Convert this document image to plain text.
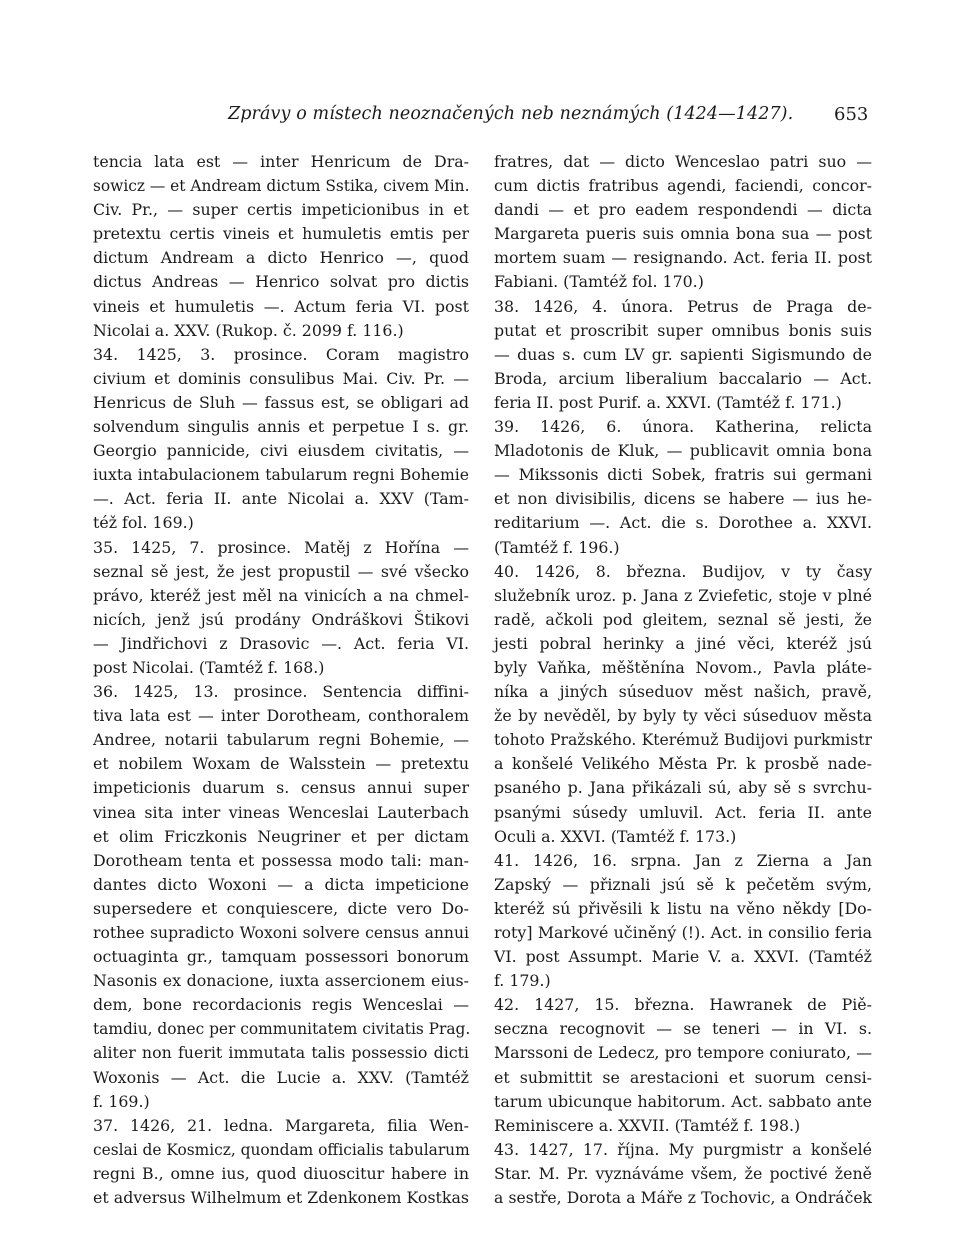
Zprávy o místech neoznačených neb neznámých (1424—1427). 653
tencia lata est — inter Henricum de Dra-
sowicz — et Andream dictum Sstika, civem Min.
Civ. Pr., — super certis impeticionibus in et
pretextu certis vineis et humuletis emtis per
dictum Andream a dicto Henrico —, quod
dictus Andreas — Henrico solvat pro dictis
vineis et humuletis —. Actum feria VI. post
Nicolai a. XXV. (Rukop. č. 2099 f. 116.)
34. 1425, 3. prosince. Coram magistro
civium et dominis consulibus Mai. Civ. Pr. —
Henricus de Sluh — fassus est, se obligari ad
solvendum singulis annis et perpetue I s. gr.
Georgio pannicide, civi eiusdem civitatis, —
iuxta intabulacionem tabularum regni Bohemie
—. Act. feria II. ante Nicolai a. XXV (Tam-
též fol. 169.)
35. 1425, 7. prosince. Matěj z Hořína —
seznal sě jest, že jest propustil — své všecko
právo, kteréž jest měl na vinicích a na chmel-
nicích, jenž jsú prodány Ondráškovi Štikovi
— Jindřichovi z Drasovic —. Act. feria VI.
post Nicolai. (Tamtéž f. 168.)
36. 1425, 13. prosince. Sentencia diffini-
tiva lata est — inter Dorotheam, conthoralem
Andree, notarii tabularum regni Bohemie, —
et nobilem Woxam de Walsstein — pretextu
impeticionis duarum s. census annui super
vinea sita inter vineas Wenceslai Lauterbach
et olim Friczkonis Neugriner et per dictam
Dorotheam tenta et possessa modo tali: man-
dantes dicto Woxoni — a dicta impeticione
supersedere et conquiescere, dicte vero Do-
rothee supradicto Woxoni solvere census annui
octuaginta gr., tamquam possessori bonorum
Nasonis ex donacione, iuxta assercionem eius-
dem, bone recordacionis regis Wenceslai —
tamdiu, donec per communitatem civitatis Prag.
aliter non fuerit immutata talis possessio dicti
Woxonis — Act. die Lucie a. XXV. (Tamtéž
f. 169.)
37. 1426, 21. ledna. Margareta, filia Wen-
ceslai de Kosmicz, quondam officialis tabularum
regni B., omne ius, quod diuoscitur habere in
et adversus Wilhelmum et Zdenkonem Kostkas
fratres, dat — dicto Wenceslao patri suo —
cum dictis fratribus agendi, faciendi, concor-
dandi — et pro eadem respondendi — dicta
Margareta pueris suis omnia bona sua — post
mortem suam — resignando. Act. feria II. post
Fabiani. (Tamtéž fol. 170.)
38. 1426, 4. února. Petrus de Praga de-
putat et proscribit super omnibus bonis suis
— duas s. cum LV gr. sapienti Sigismundo de
Broda, arcium liberalium baccalario — Act.
feria II. post Purif. a. XXVI. (Tamtéž f. 171.)
39. 1426, 6. února. Katherina, relicta
Mladotonis de Kluk, — publicavit omnia bona
— Mikssonis dicti Sobek, fratris sui germani
et non divisibilis, dicens se habere — ius he-
reditarium —. Act. die s. Dorothee a. XXVI.
(Tamtéž f. 196.)
40. 1426, 8. března. Budijov, v ty časy
služebník uroz. p. Jana z Zviefetic, stoje v plné
radě, ačkoli pod gleitem, seznal sě jesti, že
jesti pobral herinky a jiné věci, kteréž jsú
byly Vaňka, měštěnína Novom., Pavla pláte-
níka a jiných súseduov měst našich, pravě,
že by nevěděl, by byly ty věci súseduov města
tohoto Pražského. Kterémuž Budijovi purkmistr
a konšelé Velikého Města Pr. k prosbě nade-
psaného p. Jana přikázali sú, aby sě s svrchu-
psanými súsedy umluvil. Act. feria II. ante
Oculi a. XXVI. (Tamtéž f. 173.)
41. 1426, 16. srpna. Jan z Zierna a Jan
Zapský — přiznali jsú sě k pečetěm svým,
kteréž sú přivěsili k listu na věno někdy [Do-
roty] Markové učiněný (!). Act. in consilio feria
VI. post Assumpt. Marie V. a. XXVI. (Tamtéž
f. 179.)
42. 1427, 15. března. Hawranek de Piě-
seczna recognovit — se teneri — in VI. s.
Marssoni de Ledecz, pro tempore coniurato, —
et submittit se arestacioni et suorum censi-
tarum ubicunque habitorum. Act. sabbato ante
Reminiscere a. XXVII. (Tamtéž f. 198.)
43. 1427, 17. října. My purgmistr a konšelé
Star. M. Pr. vyznáváme všem, že poctivé ženě
a sestře, Dorota a Máře z Tochovic, a Ondráček
